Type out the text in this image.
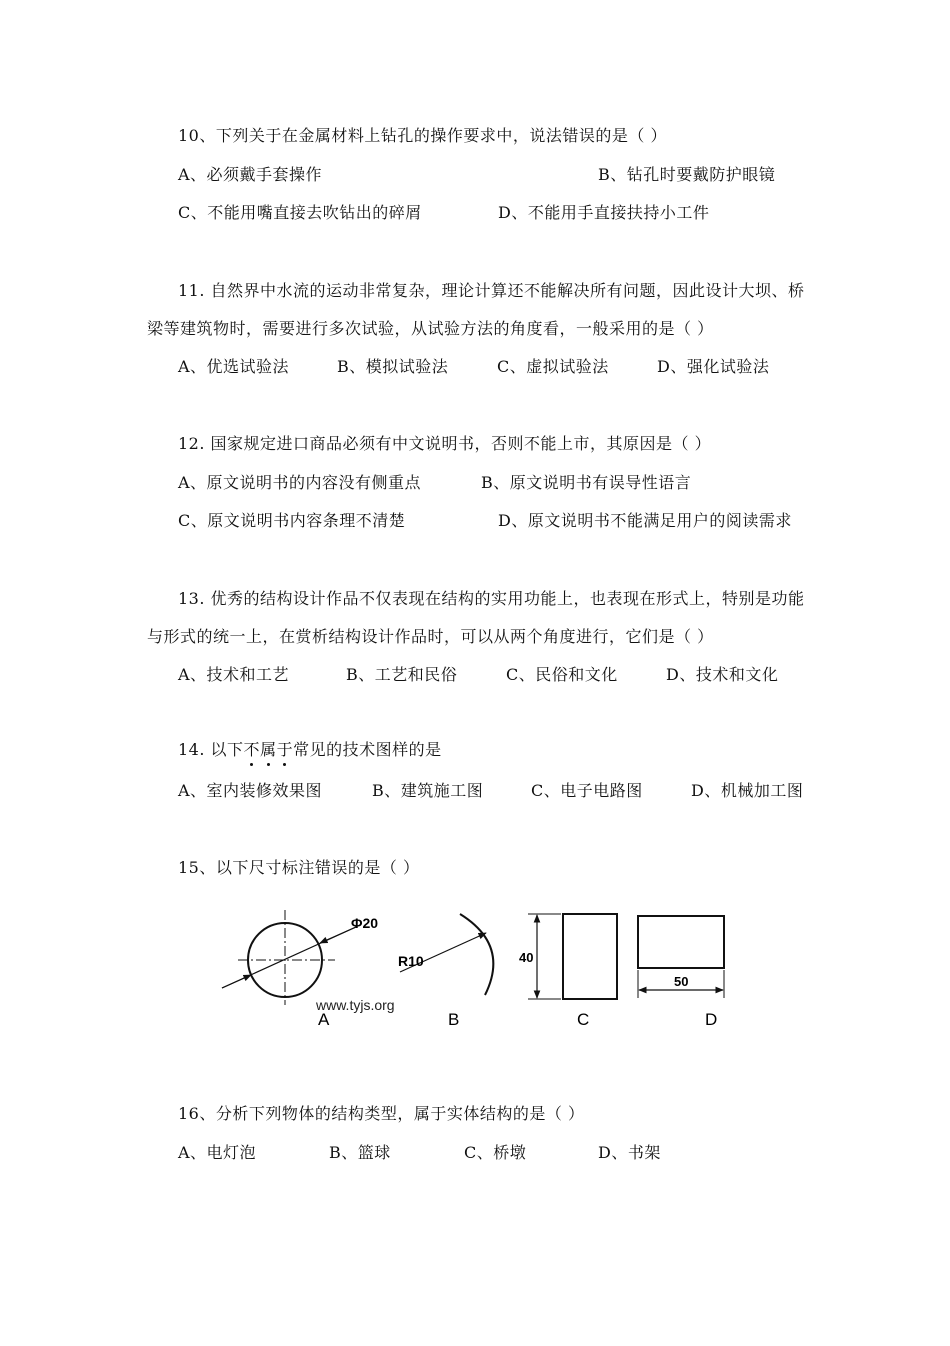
10、下列关于在金属材料上钻孔的操作要求中，说法错误的是（ ）
A、必须戴手套操作	B、钻孔时要戴防护眼镜
C、不能用嘴直接去吹钻出的碎屑	D、不能用手直接扶持小工件
11. 自然界中水流的运动非常复杂，理论计算还不能解决所有问题，因此设计大坝、桥
梁等建筑物时，需要进行多次试验，从试验方法的角度看，一般采用的是（ ）
A、优选试验法	B、模拟试验法	C、虚拟试验法	D、强化试验法
12. 国家规定进口商品必须有中文说明书，否则不能上市，其原因是（ ）
A、原文说明书的内容没有侧重点	B、原文说明书有误导性语言
C、原文说明书内容条理不清楚	D、原文说明书不能满足用户的阅读需求
13. 优秀的结构设计作品不仅表现在结构的实用功能上，也表现在形式上，特别是功能
与形式的统一上，在赏析结构设计作品时，可以从两个角度进行，它们是（ ）
A、技术和工艺	B、工艺和民俗	C、民俗和文化	D、技术和文化
14. 以下不属于常见的技术图样的是
A、室内装修效果图	B、建筑施工图	C、电子电路图	D、机械加工图
15、以下尺寸标注错误的是（ ）
Φ20
www.tyjs.org
A
R10
B
40
C
50
D
16、分析下列物体的结构类型，属于实体结构的是（ ）
A、电灯泡	B、篮球	C、桥墩	D、书架
